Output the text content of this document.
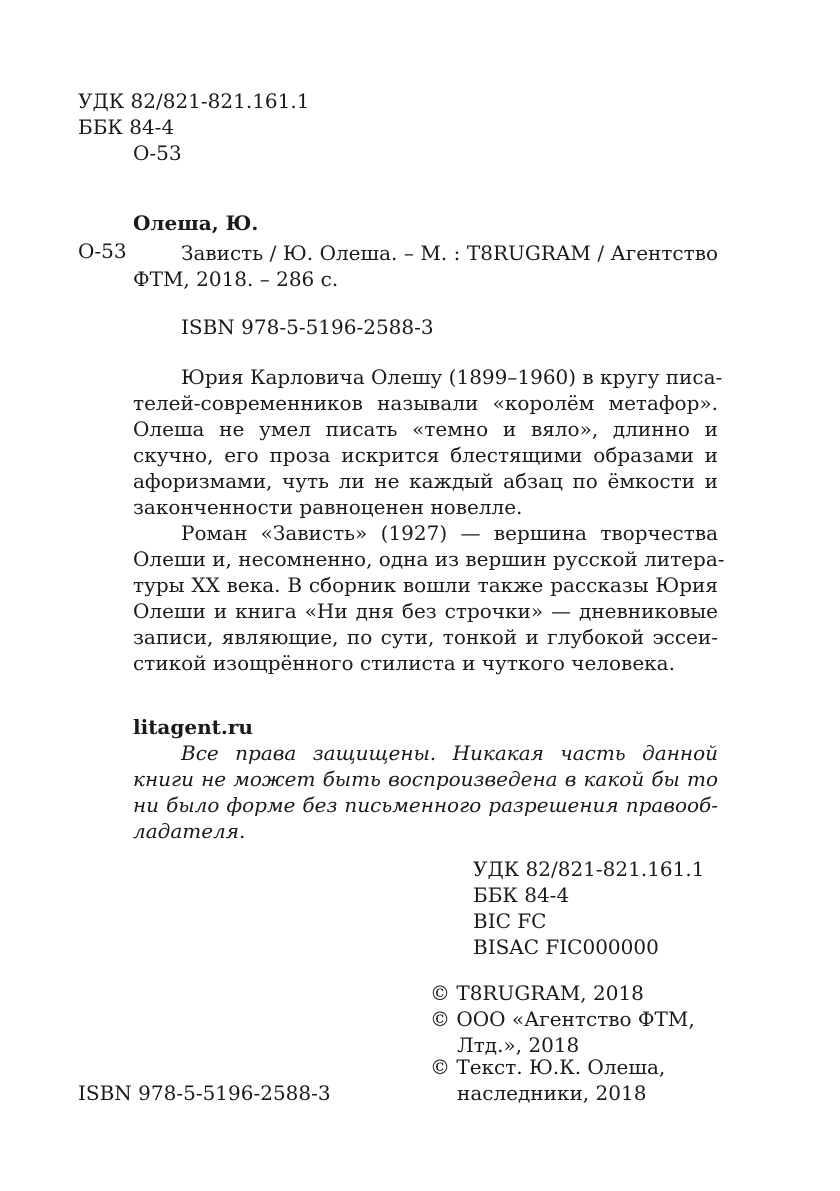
УДК 82/821-821.161.1
ББК 84-4
О-53
Олеша, Ю.
О-53	Зависть / Ю. Олеша. – М. : T8RUGRAM / Агентство
ФТМ, 2018. – 286 с.
ISBN 978-5-5196-2588-3
Юрия Карловича Олешу (1899–1960) в кругу писа-
телей-современников называли «королём метафор».
Олеша не умел писать «темно и вяло», длинно и
скучно, его проза искрится блестящими образами и
афоризмами, чуть ли не каждый абзац по ёмкости и
законченности равноценен новелле.
Роман «Зависть» (1927) — вершина творчества
Олеши и, несомненно, одна из вершин русской литера-
туры XX века. В сборник вошли также рассказы Юрия
Олеши и книга «Ни дня без строчки» — дневниковые
записи, являющие, по сути, тонкой и глубокой эссеи-
стикой изощрённого стилиста и чуткого человека.
litagent.ru
Все права защищены. Никакая часть данной
книги не может быть воспроизведена в какой бы то
ни было форме без письменного разрешения правооб-
ладателя.
УДК 82/821-821.161.1
ББК 84-4
BIC FC
BISAC FIC000000
© T8RUGRAM, 2018
© ООО «Агентство ФТМ,
Лтд.», 2018
© Текст. Ю.К. Олеша,
наследники, 2018
ISBN 978-5-5196-2588-3
